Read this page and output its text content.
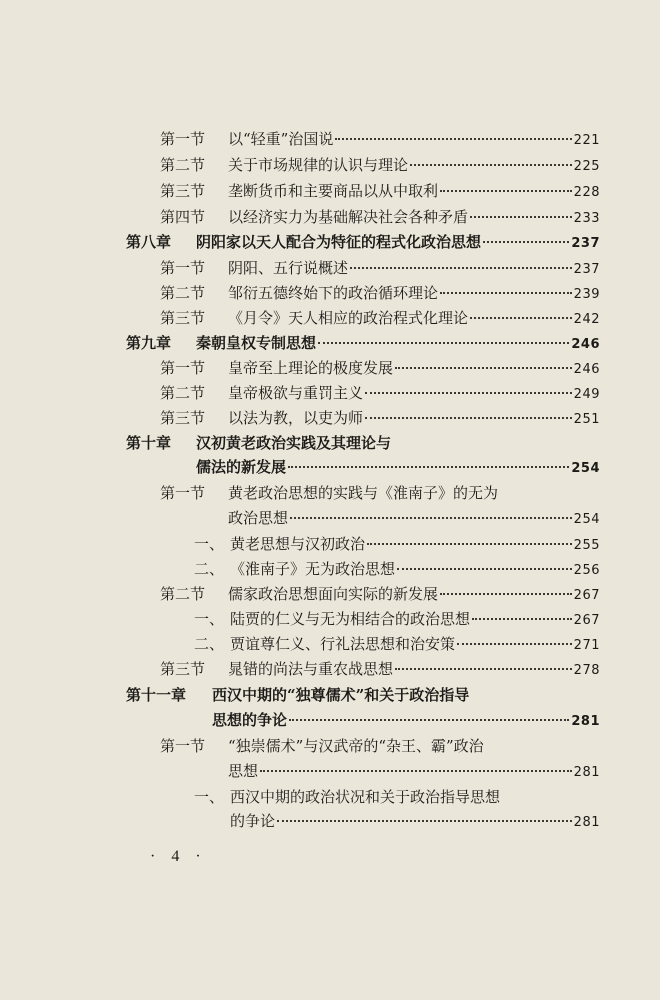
第一节	以“轻重”治国说	221
第二节	关于市场规律的认识与理论	225
第三节	垄断货币和主要商品以从中取利	228
第四节	以经济实力为基础解决社会各种矛盾	233
第八章	阴阳家以天人配合为特征的程式化政治思想	237
第一节	阴阳、五行说概述	237
第二节	邹衍五德终始下的政治循环理论	239
第三节	《月令》天人相应的政治程式化理论	242
第九章	秦朝皇权专制思想	246
第一节	皇帝至上理论的极度发展	246
第二节	皇帝极欲与重罚主义	249
第三节	以法为教，以吏为师	251
第十章	汉初黄老政治实践及其理论与
儒法的新发展	254
第一节	黄老政治思想的实践与《淮南子》的无为
政治思想	254
一、 黄老思想与汉初政治	255
二、 《淮南子》无为政治思想	256
第二节	儒家政治思想面向实际的新发展	267
一、 陆贾的仁义与无为相结合的政治思想	267
二、 贾谊尊仁义、行礼法思想和治安策	271
第三节	晁错的尚法与重农战思想	278
第十一章	西汉中期的“独尊儒术”和关于政治指导
思想的争论	281
第一节	“独崇儒术”与汉武帝的“杂王、霸”政治
思想	281
一、 西汉中期的政治状况和关于政治指导思想
的争论	281
· 4 ·
